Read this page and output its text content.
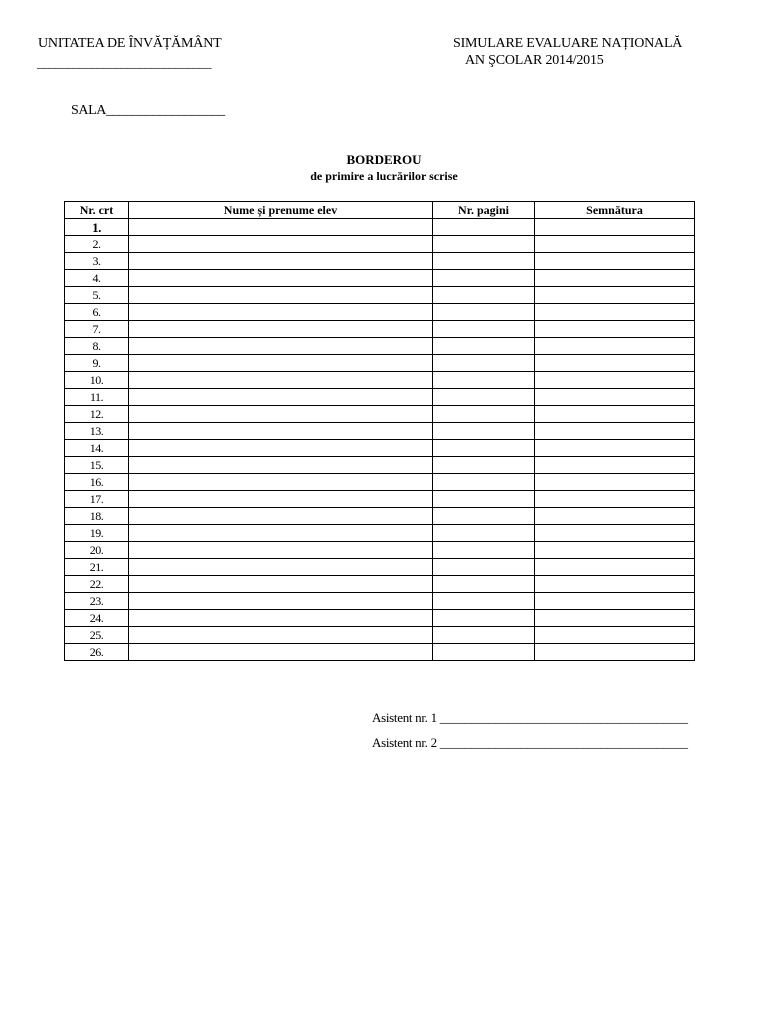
UNITATEA DE ÎNVĂȚĂMÂNT
_____________________________
SIMULARE EVALUARE NAȚIONALĂ
AN ŞCOLAR 2014/2015
SALA__________________
BORDEROU
de primire a lucrărilor scrise
Nr. crt	Nume și prenume elev	Nr. pagini	Semnătura
1.			
2.			
3.			
4.			
5.			
6.			
7.			
8.			
9.			
10.			
11.			
12.			
13.			
14.			
15.			
16.			
17.			
18.			
19.			
20.			
21.			
22.			
23.			
24.			
25.			
26.			
Asistent nr. 1 ________________________________________
Asistent nr. 2 ________________________________________
